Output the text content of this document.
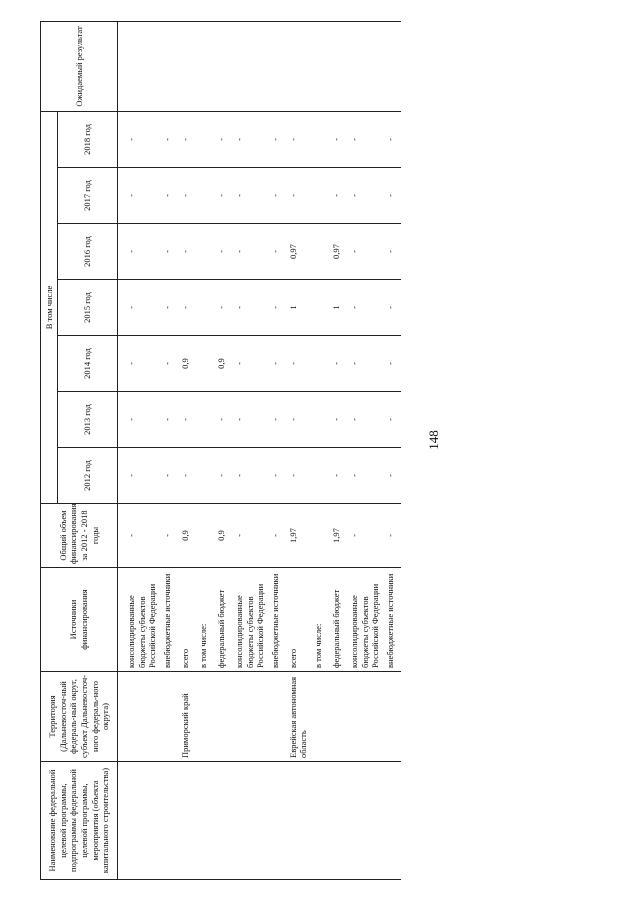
148
Наименование федеральной целевой программы, подпрограммы федеральной целевой программы, мероприятия (объекта капитального строительства)	Территория (Дальневосточ-ный федераль-ный округ, субъект Дальневосточ-ного федераль-ного округа)	Источники финансирования	Общий объем финансирования за 2012 - 2018 годы	В том числе							Ожидаемый результат
				2012 год	2013 год	2014 год	2015 год	2016 год	2017 год	2018 год	
		консолидированные бюджеты субъектов Российской Федерации	-	-	-	-	-	-	-	-	
		внебюджетные источники	-	-	-	-	-	-	-	-	
	Приморский край	всего	0,9	-	-	0,9	-	-	-	-	
		в том числе:									
		федеральный бюджет	0,9	-	-	0,9	-	-	-	-	
		консолидированные бюджеты субъектов Российской Федерации	-	-	-	-	-	-	-	-	
		внебюджетные источники	-	-	-	-	-	-	-	-	
	Еврейская автономная область	всего	1,97	-	-	-	1	0,97	-	-	
		в том числе:									
		федеральный бюджет	1,97	-	-	-	1	0,97	-	-	
		консолидированные бюджеты субъектов Российской Федерации	-	-	-	-	-	-	-	-	
		внебюджетные источники	-	-	-	-	-	-	-	-	
